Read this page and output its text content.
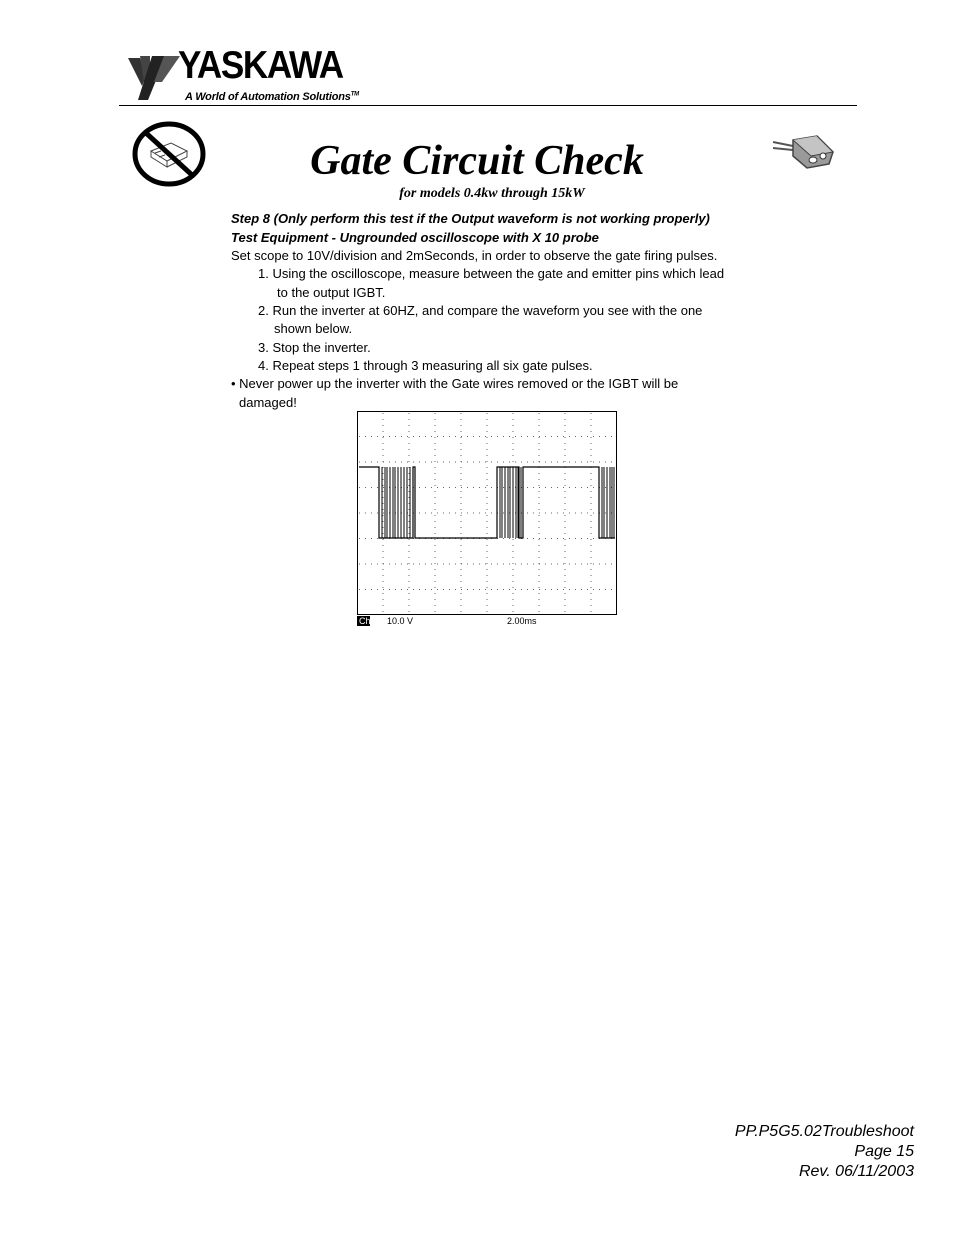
YASKAWA
A World of Automation Solutions™
Gate Circuit Check
for models 0.4kw through 15kW
Step 8 (Only perform this test if the Output waveform is not working properly)
Test Equipment - Ungrounded oscilloscope with X 10 probe
Set scope to 10V/division and 2mSeconds, in order to observe the gate firing pulses.
1. Using the oscilloscope, measure between the gate and emitter pins which lead
to the output IGBT.
2. Run the inverter at 60HZ, and compare the waveform you see with the one
shown below.
3. Stop the inverter.
4. Repeat steps 1 through 3 measuring all six gate pulses.
• Never power up the inverter with the Gate wires removed or the IGBT will be
damaged!
Ch1 10.0 V	2.00ms
PP.P5G5.02Troubleshoot
Page 15
Rev. 06/11/2003
